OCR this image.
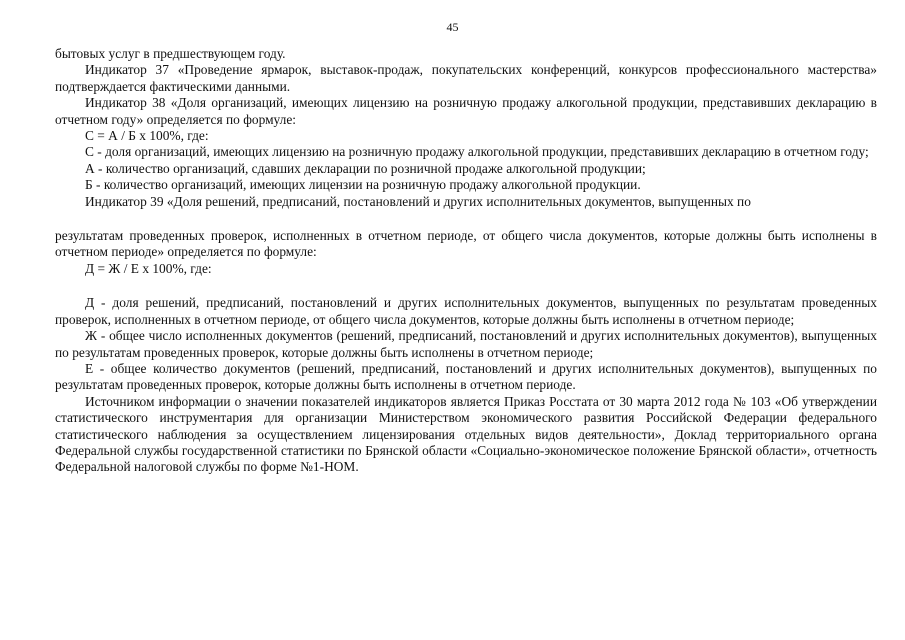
45

бытовых услуг в предшествующем году.

Индикатор 37 «Проведение ярмарок, выставок-продаж, покупательских конференций, конкурсов профессионального мастерства» подтверждается фактическими данными.

Индикатор 38 «Доля организаций, имеющих лицензию на розничную продажу алкогольной продукции, представивших декларацию в отчетном году» определяется по формуле:

С = А / Б х 100%, где:

С - доля организаций, имеющих лицензию на розничную продажу алкогольной продукции, представивших декларацию в отчетном году;

А - количество организаций, сдавших декларации по розничной продаже алкогольной продукции;

Б - количество организаций, имеющих лицензии на розничную продажу алкогольной продукции.

Индикатор 39 «Доля решений, предписаний, постановлений и других исполнительных документов, выпущенных по

результатам проведенных проверок, исполненных в отчетном периоде, от общего числа документов, которые должны быть исполнены в отчетном периоде» определяется по формуле:

Д = Ж / Е х 100%, где:

Д - доля решений, предписаний, постановлений и других исполнительных документов, выпущенных по результатам проведенных проверок, исполненных в отчетном периоде, от общего числа документов, которые должны быть исполнены в отчетном периоде;

Ж - общее число исполненных документов (решений, предписаний, постановлений и других исполнительных документов), выпущенных по результатам проведенных проверок, которые должны быть исполнены в отчетном периоде;

Е - общее количество документов (решений, предписаний, постановлений и других исполнительных документов), выпущенных по результатам проведенных проверок, которые должны быть исполнены в отчетном периоде.

Источником информации о значении показателей индикаторов является Приказ Росстата от 30 марта 2012 года № 103 «Об утверждении статистического инструментария для организации Министерством экономического развития Российской Федерации федерального статистического наблюдения за осуществлением лицензирования отдельных видов деятельности», Доклад территориального органа Федеральной службы государственной статистики по Брянской области «Социально-экономическое положение Брянской области», отчетность Федеральной налоговой службы по форме №1-НОМ.
